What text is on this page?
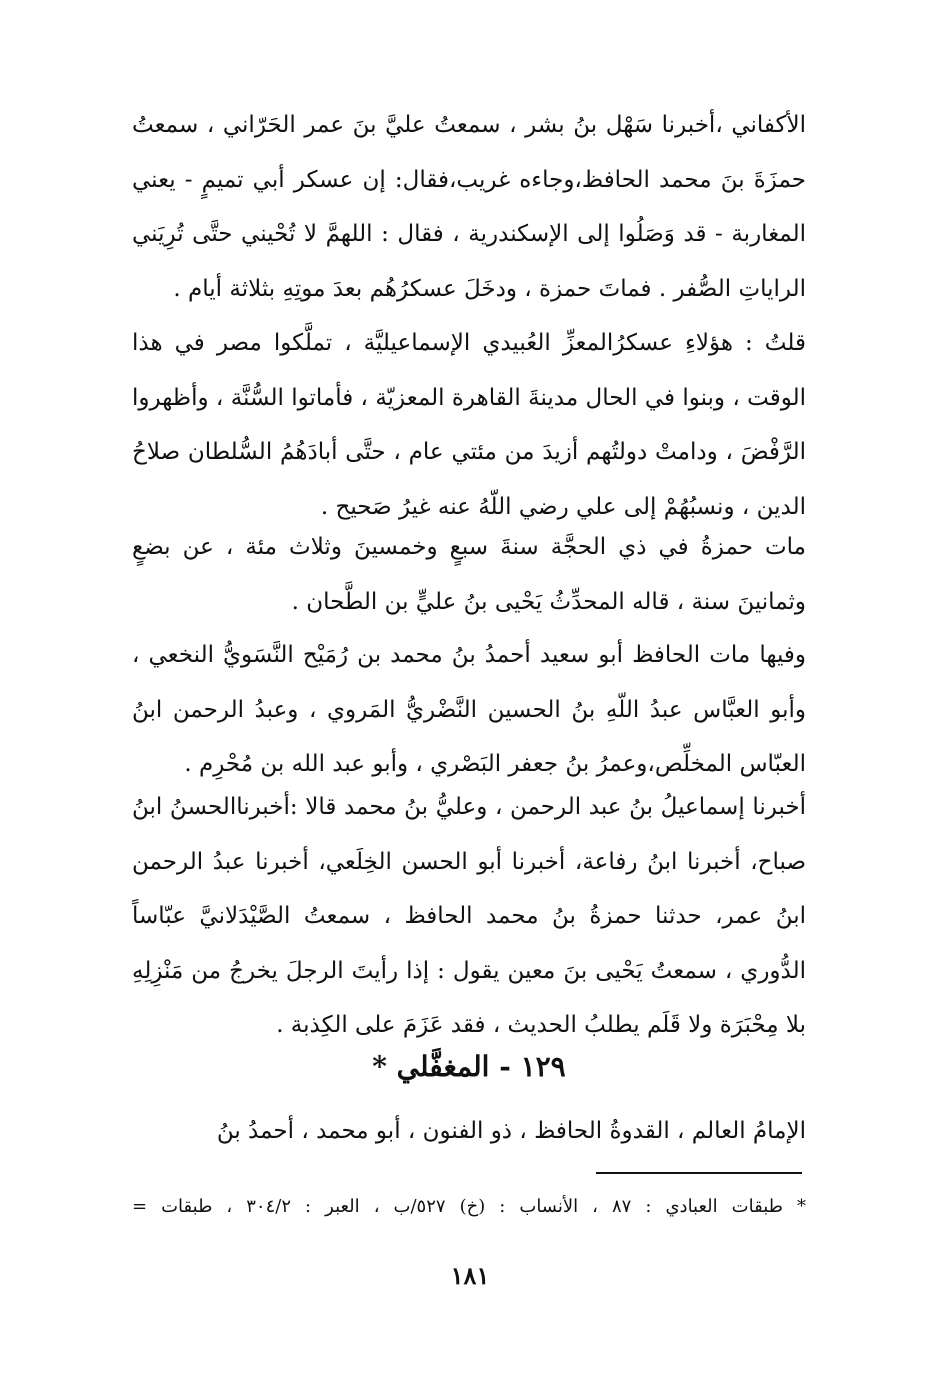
الأكفاني ،أخبرنا سَهْل بنُ بشر ، سمعتُ عليَّ بنَ عمر الحَرّاني ، سمعتُ حمزَةَ بنَ محمد الحافظ،وجاءه غريب،فقال: إن عسكر أبي تميمٍ - يعني المغاربة - قد وَصَلُوا إلى الإسكندرية ، فقال : اللهمَّ لا تُحْيني حتَّى تُرِيَني الراياتِ الصُّفر . فماتَ حمزة ، ودخَلَ عسكرُهُم بعدَ موتِهِ بثلاثة أيام .

قلتُ : هؤلاءِ عسكرُالمعزِّ العُبيدي الإسماعيليَّة ، تملَّكوا مصر في هذا الوقت ، وبنوا في الحال مدينةَ القاهرة المعزيّة ، فأماتوا السُّنَّة ، وأظهروا الرَّفْضَ ، ودامتْ دولتُهم أزيدَ من مئتي عام ، حتَّى أبادَهُمُ السُّلطان صلاحُ الدين ، ونسبُهُمْ إلى علي رضي اللّهُ عنه غيرُ صَحيح .

مات حمزةُ في ذي الحجَّة سنةَ سبعٍ وخمسينَ وثلاث مئة ، عن بضعٍ وثمانينَ سنة ، قاله المحدِّثُ يَحْيى بنُ عليٍّ بن الطَّحان .

وفيها مات الحافظ أبو سعيد أحمدُ بنُ محمد بن رُمَيْح النَّسَويُّ النخعي ، وأبو العبَّاس عبدُ اللّهِ بنُ الحسين النَّضْريُّ المَروي ، وعبدُ الرحمن ابنُ العبّاس المخلِّص،وعمرُ بنُ جعفر البَصْري ، وأبو عبد الله بن مُحْرِم .

أخبرنا إسماعيلُ بنُ عبد الرحمن ، وعليُّ بنُ محمد قالا :أخبرناالحسنُ ابنُ صباح، أخبرنا ابنُ رفاعة، أخبرنا أبو الحسن الخِلَعي، أخبرنا عبدُ الرحمن ابنُ عمر، حدثنا حمزةُ بنُ محمد الحافظ ، سمعتُ الصَّيْدَلانيَّ عبّاساً الدُّوري ، سمعتُ يَحْيى بنَ معين يقول : إذا رأيتَ الرجلَ يخرجُ من مَنْزِلِهِ بلا مِحْبَرَة ولا قَلَم يطلبُ الحديث ، فقد عَزَمَ على الكِذبة .

١٢٩ - المغفَّلي *

الإمامُ العالم ، القدوةُ الحافظ ، ذو الفنون ، أبو محمد ، أحمدُ بنُ

* طبقات العبادي : ٨٧ ، الأنساب : (خ) ٥٢٧/ب ، العبر : ٣٠٤/٢ ، طبقات =

١٨١
